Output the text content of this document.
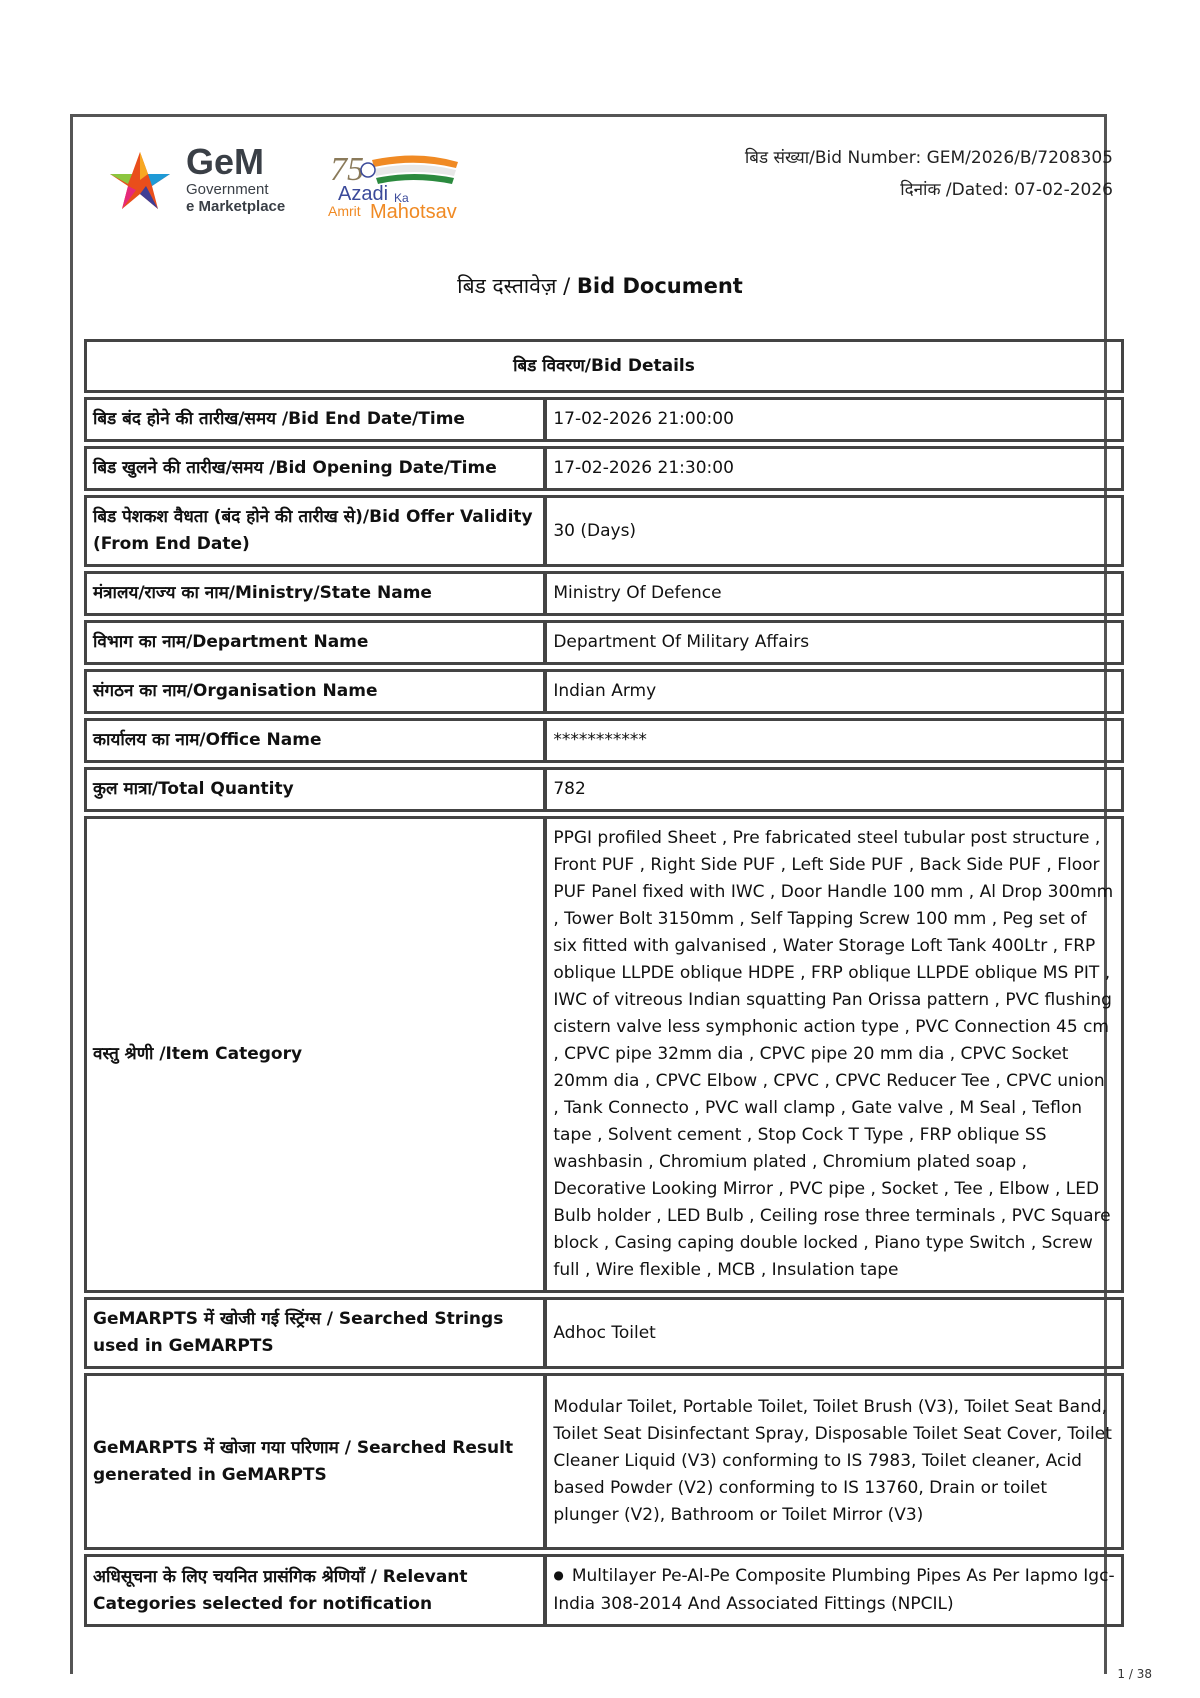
GeM
Government
e Marketplace
75
Azadi Ka
Amrit Mahotsav
बिड संख्या/Bid Number: GEM/2026/B/7208305
दिनांक /Dated: 07-02-2026
बिड दस्तावेज़ / Bid Document
बिड विवरण/Bid Details	
बिड बंद होने की तारीख/समय /Bid End Date/Time	17-02-2026 21:00:00
बिड खुलने की तारीख/समय /Bid Opening Date/Time	17-02-2026 21:30:00
बिड पेशकश वैधता (बंद होने की तारीख से)/Bid Offer Validity (From End Date)	30 (Days)
मंत्रालय/राज्य का नाम/Ministry/State Name	Ministry Of Defence
विभाग का नाम/Department Name	Department Of Military Affairs
संगठन का नाम/Organisation Name	Indian Army
कार्यालय का नाम/Office Name	***********
कुल मात्रा/Total Quantity	782
वस्तु श्रेणी /Item Category	PPGI profiled Sheet , Pre fabricated steel tubular post structure , Front PUF , Right Side PUF , Left Side PUF , Back Side PUF , Floor PUF Panel fixed with IWC , Door Handle 100 mm , Al Drop 300mm , Tower Bolt 3150mm , Self Tapping Screw 100 mm , Peg set of six fitted with galvanised , Water Storage Loft Tank 400Ltr , FRP oblique LLPDE oblique HDPE , FRP oblique LLPDE oblique MS PIT , IWC of vitreous Indian squatting Pan Orissa pattern , PVC flushing cistern valve less symphonic action type , PVC Connection 45 cm , CPVC pipe 32mm dia , CPVC pipe 20 mm dia , CPVC Socket 20mm dia , CPVC Elbow , CPVC , CPVC Reducer Tee , CPVC union , Tank Connecto , PVC wall clamp , Gate valve , M Seal , Teflon tape , Solvent cement , Stop Cock T Type , FRP oblique SS washbasin , Chromium plated , Chromium plated soap , Decorative Looking Mirror , PVC pipe , Socket , Tee , Elbow , LED Bulb holder , LED Bulb , Ceiling rose three terminals , PVC Square block , Casing caping double locked , Piano type Switch , Screw full , Wire flexible , MCB , Insulation tape
GeMARPTS में खोजी गई स्ट्रिंग्स / Searched Strings used in GeMARPTS	Adhoc Toilet
GeMARPTS में खोजा गया परिणाम / Searched Result generated in GeMARPTS	Modular Toilet, Portable Toilet, Toilet Brush (V3), Toilet Seat Band, Toilet Seat Disinfectant Spray, Disposable Toilet Seat Cover, Toilet Cleaner Liquid (V3) conforming to IS 7983, Toilet cleaner, Acid based Powder (V2) conforming to IS 13760, Drain or toilet plunger (V2), Bathroom or Toilet Mirror (V3)
अधिसूचना के लिए चयनित प्रासंगिक श्रेणियाँ / Relevant Categories selected for notification	● Multilayer Pe-Al-Pe Composite Plumbing Pipes As Per Iapmo Igc-India 308-2014 And Associated Fittings (NPCIL)
1 / 38
